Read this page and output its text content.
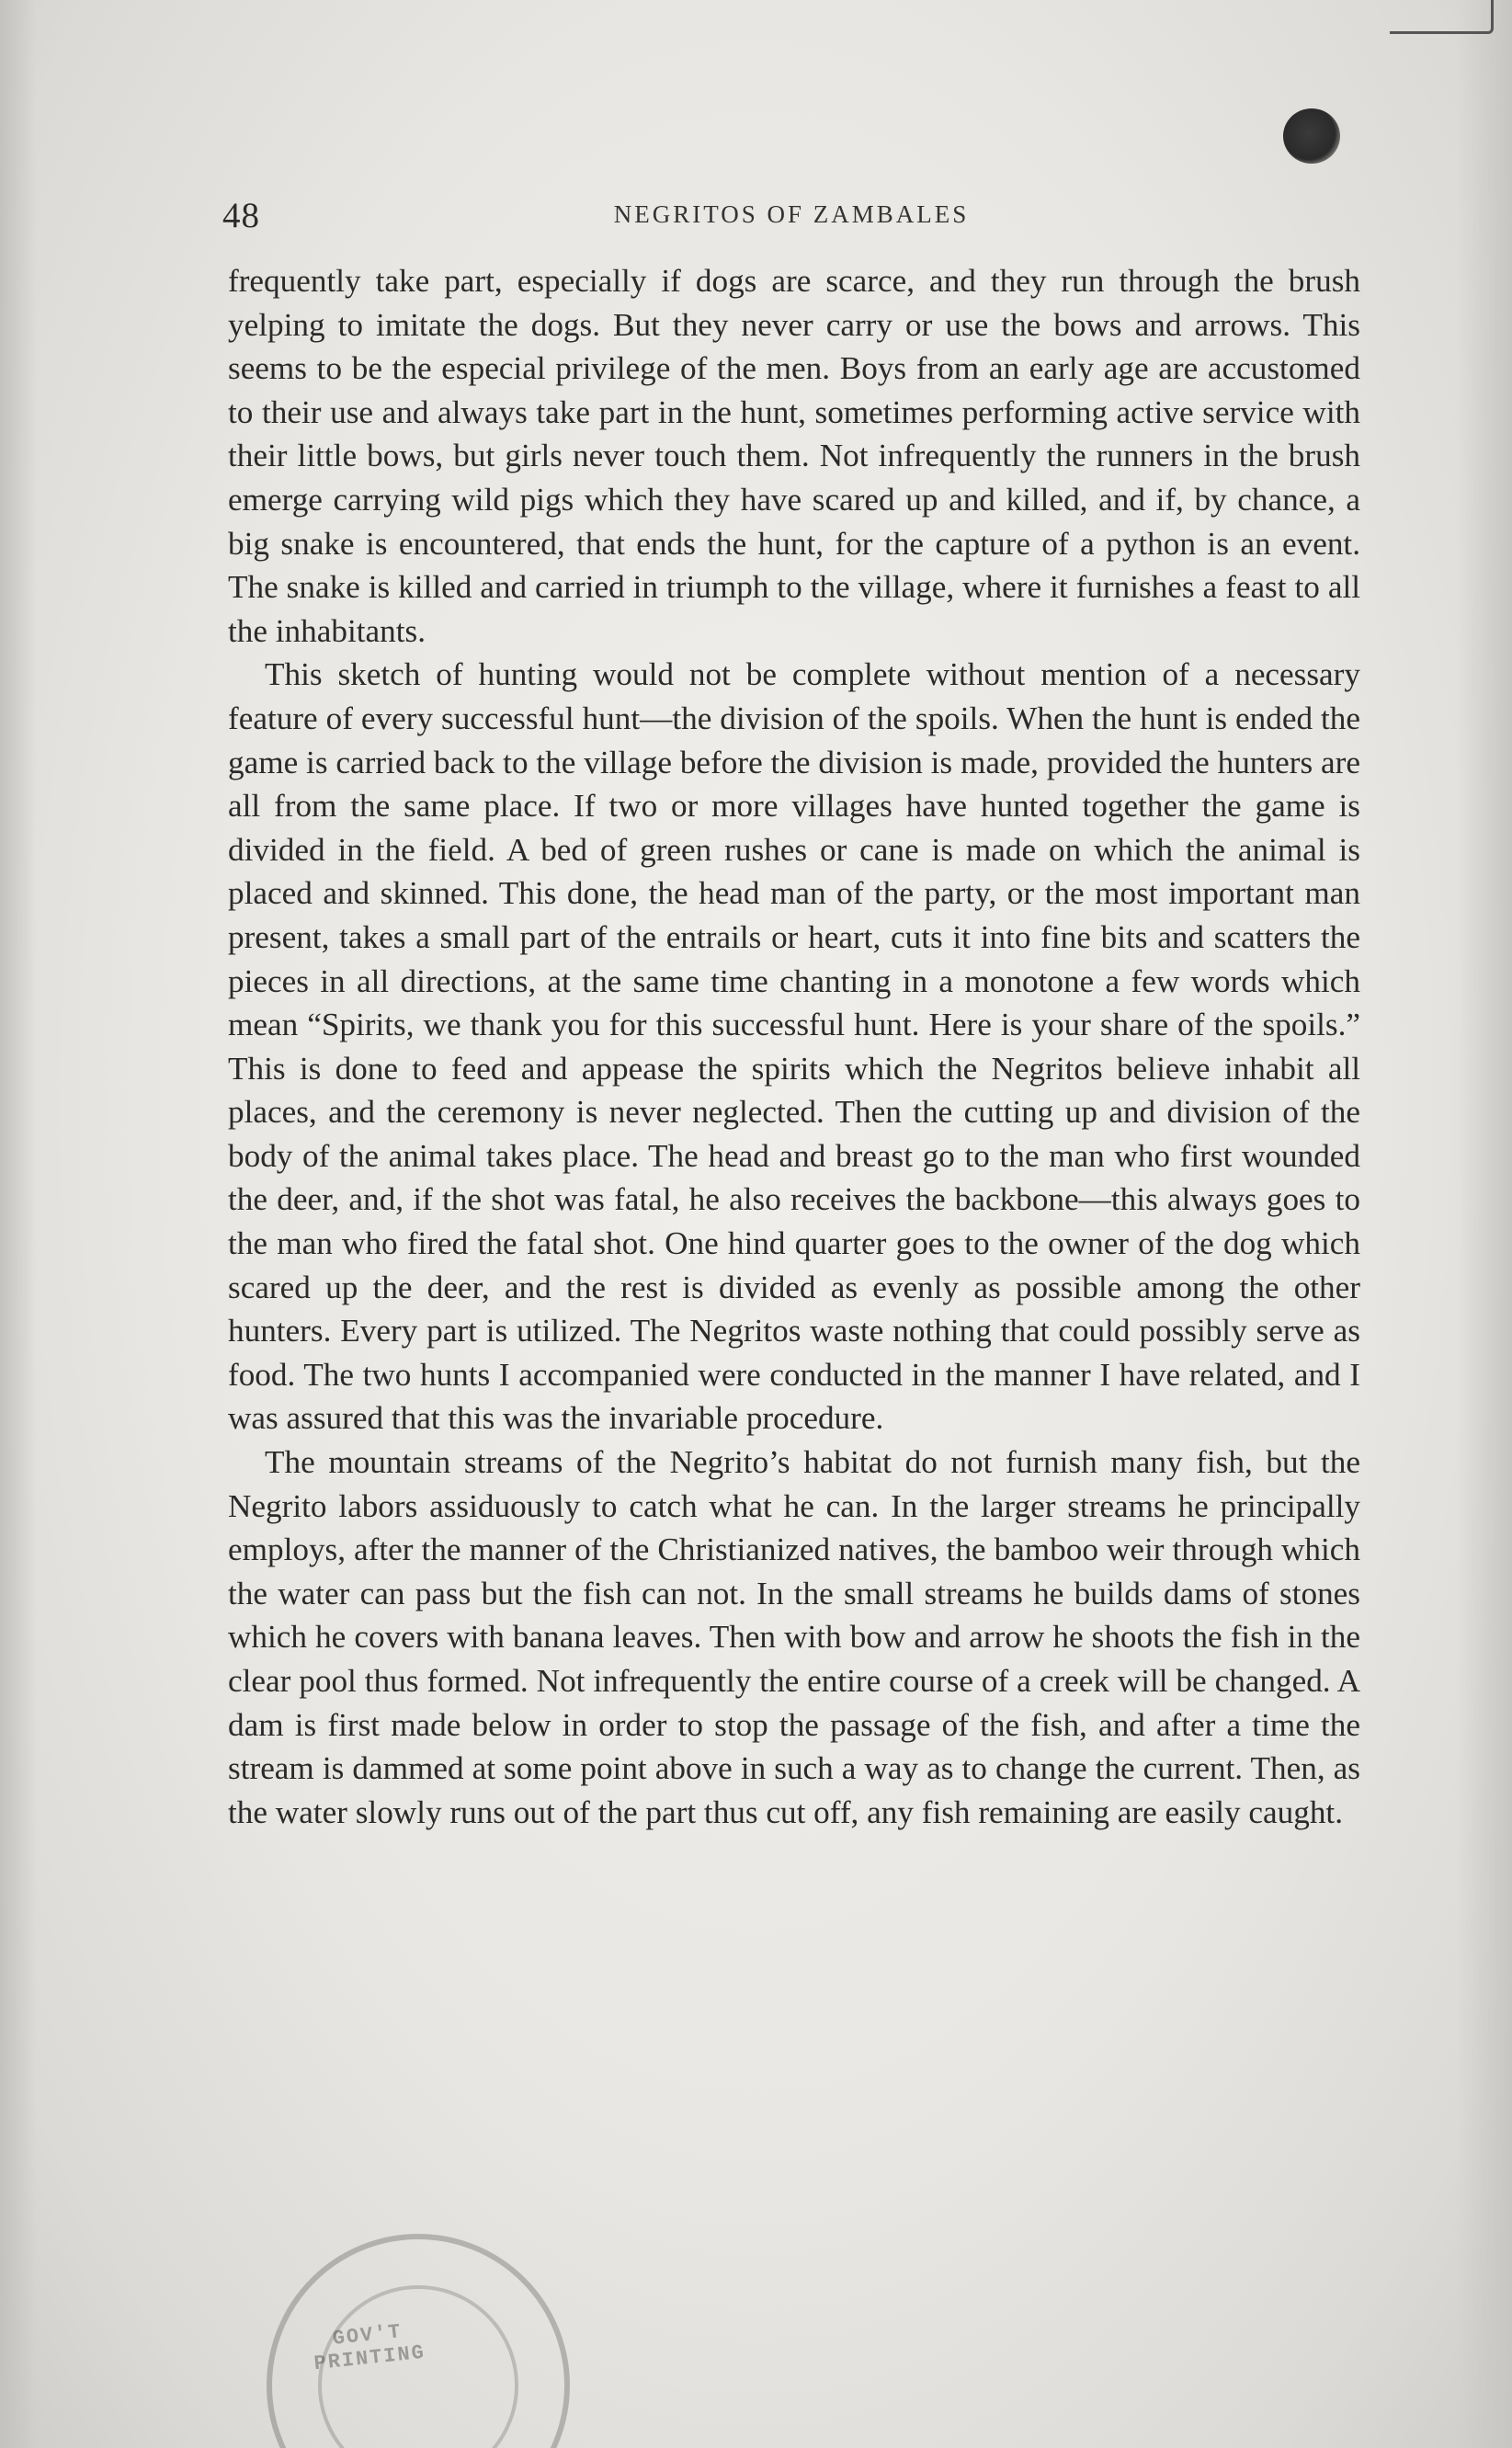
48	NEGRITOS OF ZAMBALES

frequently take part, especially if dogs are scarce, and they run through the brush yelping to imitate the dogs. But they never carry or use the bows and arrows. This seems to be the especial privilege of the men. Boys from an early age are accustomed to their use and always take part in the hunt, sometimes performing active service with their little bows, but girls never touch them. Not infrequently the runners in the brush emerge carrying wild pigs which they have scared up and killed, and if, by chance, a big snake is encountered, that ends the hunt, for the capture of a python is an event. The snake is killed and carried in triumph to the village, where it furnishes a feast to all the inhabitants.

This sketch of hunting would not be complete without mention of a necessary feature of every successful hunt—the division of the spoils. When the hunt is ended the game is carried back to the village before the division is made, provided the hunters are all from the same place. If two or more villages have hunted together the game is divided in the field. A bed of green rushes or cane is made on which the animal is placed and skinned. This done, the head man of the party, or the most important man present, takes a small part of the entrails or heart, cuts it into fine bits and scatters the pieces in all directions, at the same time chanting in a monotone a few words which mean “Spirits, we thank you for this successful hunt. Here is your share of the spoils.” This is done to feed and appease the spirits which the Negritos believe inhabit all places, and the ceremony is never neglected. Then the cutting up and division of the body of the animal takes place. The head and breast go to the man who first wounded the deer, and, if the shot was fatal, he also receives the backbone—this always goes to the man who fired the fatal shot. One hind quarter goes to the owner of the dog which scared up the deer, and the rest is divided as evenly as possible among the other hunters. Every part is utilized. The Negritos waste nothing that could possibly serve as food. The two hunts I accompanied were conducted in the manner I have related, and I was assured that this was the invariable procedure.

The mountain streams of the Negrito’s habitat do not furnish many fish, but the Negrito labors assiduously to catch what he can. In the larger streams he principally employs, after the manner of the Christianized natives, the bamboo weir through which the water can pass but the fish can not. In the small streams he builds dams of stones which he covers with banana leaves. Then with bow and arrow he shoots the fish in the clear pool thus formed. Not infrequently the entire course of a creek will be changed. A dam is first made below in order to stop the passage of the fish, and after a time the stream is dammed at some point above in such a way as to change the current. Then, as the water slowly runs out of the part thus cut off, any fish remaining are easily caught.

GOV'T PRINTING
